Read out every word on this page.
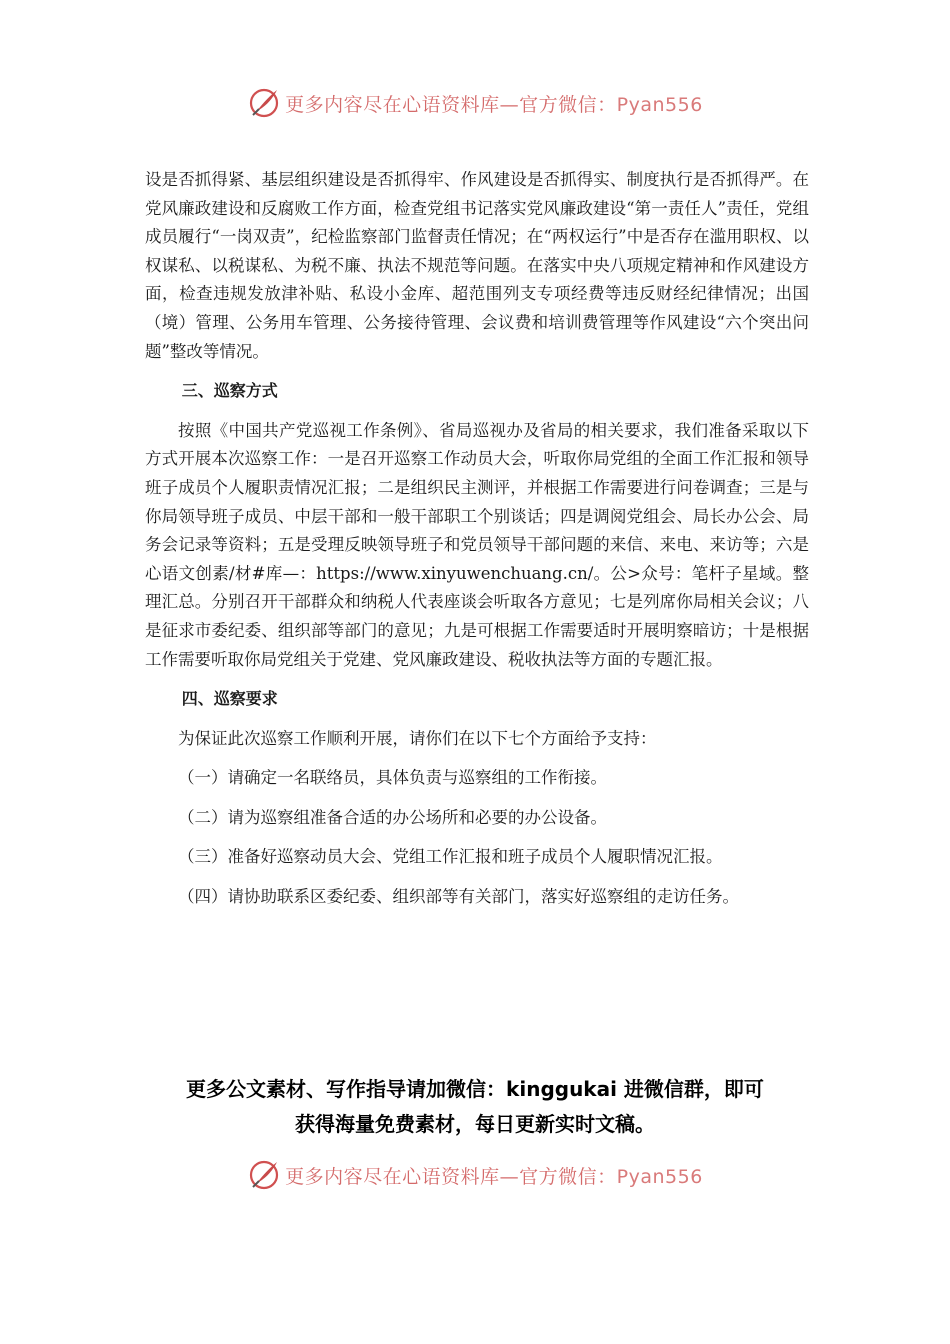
更多内容尽在心语资料库—官方微信：Pyan556

设是否抓得紧、基层组织建设是否抓得牢、作风建设是否抓得实、制度执行是否抓得严。在党风廉政建设和反腐败工作方面，检查党组书记落实党风廉政建设“第一责任人”责任，党组成员履行“一岗双责”，纪检监察部门监督责任情况；在“两权运行”中是否存在滥用职权、以权谋私、以税谋私、为税不廉、执法不规范等问题。在落实中央八项规定精神和作风建设方面，检查违规发放津补贴、私设小金库、超范围列支专项经费等违反财经纪律情况；出国（境）管理、公务用车管理、公务接待管理、会议费和培训费管理等作风建设“六个突出问题”整改等情况。

三、巡察方式

按照《中国共产党巡视工作条例》、省局巡视办及省局的相关要求，我们准备采取以下方式开展本次巡察工作：一是召开巡察工作动员大会，听取你局党组的全面工作汇报和领导班子成员个人履职责情况汇报；二是组织民主测评，并根据工作需要进行问卷调查；三是与你局领导班子成员、中层干部和一般干部职工个别谈话；四是调阅党组会、局长办公会、局务会记录等资料；五是受理反映领导班子和党员领导干部问题的来信、来电、来访等；六是心语文创素/材#库—：https://www.xinyuwenchuang.cn/。公>众号：笔杆子星域。整理汇总。分别召开干部群众和纳税人代表座谈会听取各方意见；七是列席你局相关会议；八是征求市委纪委、组织部等部门的意见；九是可根据工作需要适时开展明察暗访；十是根据工作需要听取你局党组关于党建、党风廉政建设、税收执法等方面的专题汇报。

四、巡察要求

为保证此次巡察工作顺利开展，请你们在以下七个方面给予支持：

（一）请确定一名联络员，具体负责与巡察组的工作衔接。

（二）请为巡察组准备合适的办公场所和必要的办公设备。

（三）准备好巡察动员大会、党组工作汇报和班子成员个人履职情况汇报。

（四）请协助联系区委纪委、组织部等有关部门，落实好巡察组的走访任务。

更多公文素材、写作指导请加微信：kinggukai 进微信群，即可
获得海量免费素材，每日更新实时文稿。
更多内容尽在心语资料库—官方微信：Pyan556
